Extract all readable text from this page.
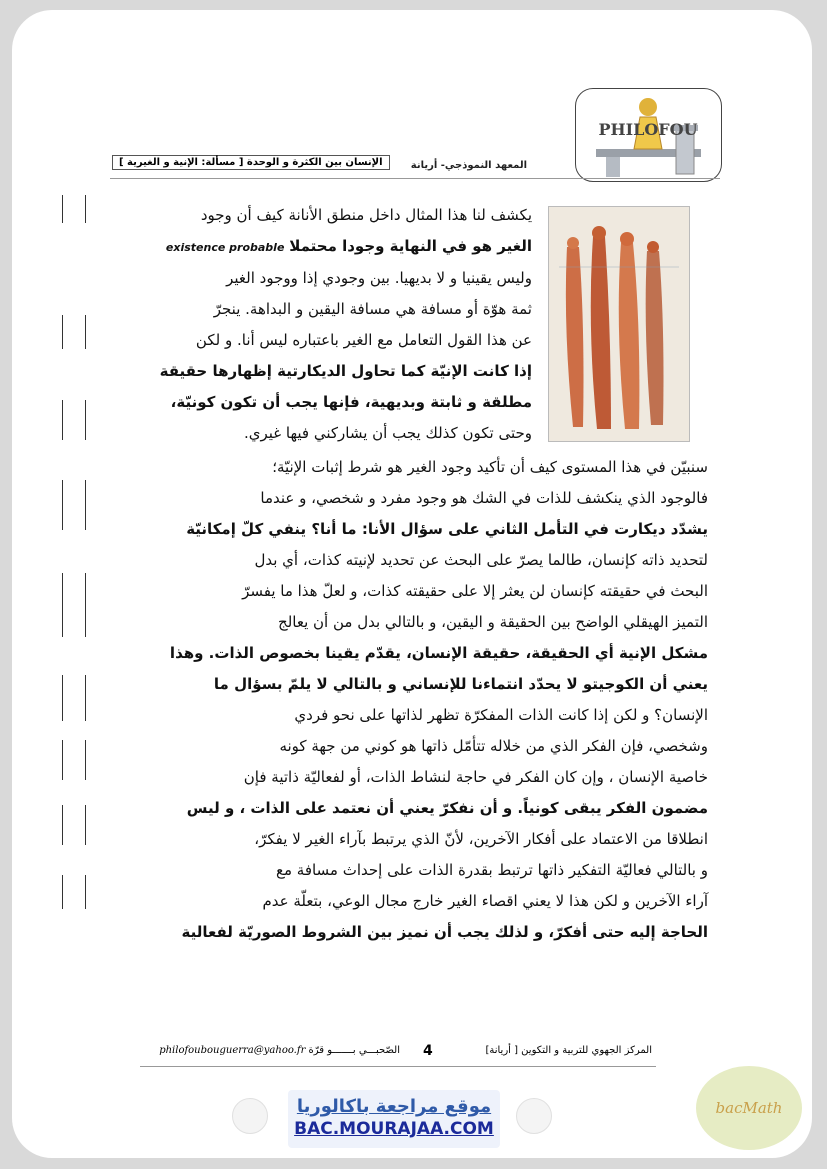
PHILOFOU
المعهد النموذجي- أريانة
الإنسان بين الكثرة و الوحدة [ مسألة: الإنية و الغيرية ]
يكشف لنا هذا المثال داخل منطق الأنانة كيف أن وجود
الغير هو في النهاية وجودا محتملا existence probable
وليس يقينيا و لا بديهيا. بين وجودي إذا ووجود الغير
ثمة هوّة أو مسافة هي مسافة اليقين و البداهة. ينجرّ
عن هذا القول التعامل مع الغير باعتباره ليس أنا. و لكن
إذا كانت الإنيّة كما تحاول الديكارتية إظهارها حقيقة
مطلقة و ثابتة وبديهية، فإنها يجب أن تكون كونيّة،
وحتى تكون كذلك يجب أن يشاركني فيها غيري.
سنبيّن في هذا المستوى كيف أن تأكيد وجود الغير هو شرط إثبات الإنيّة؛
فالوجود الذي ينكشف للذات في الشك هو وجود مفرد و شخصي، و عندما
يشدّد ديكارت في التأمل الثاني على سؤال الأنا: ما أنا؟ ينفي كلّ إمكانيّة
لتحديد ذاته كإنسان، طالما يصرّ على البحث عن تحديد لإنيته كذات، أي بدل
البحث في حقيقته كإنسان لن يعثر إلا على حقيقته كذات، و لعلّ هذا ما يفسرّ
التميز الهيقلي الواضح بين الحقيقة و اليقين، و بالتالي بدل من أن يعالج
مشكل الإنية أي الحقيقة، حقيقة الإنسان، يقدّم يقينا بخصوص الذات. وهذا
يعني أن الكوجيتو لا يحدّد انتماءنا للإنساني و بالتالي لا يلمّ بسؤال ما
الإنسان؟ و لكن إذا كانت الذات المفكرّة تظهر لذاتها على نحو فردي
وشخصي، فإن الفكر الذي من خلاله تتأمّل ذاتها هو كوني من جهة كونه
خاصية الإنسان ، وإن كان الفكر في حاجة لنشاط الذات، أو لفعاليّة ذاتية فإن
مضمون الفكر يبقى كونياً. و أن نفكرّ يعني أن نعتمد على الذات ، و ليس
انطلاقا من الاعتماد على أفكار الآخرين، لأنّ الذي يرتبط بآراء الغير لا يفكرّ،
و بالتالي فعاليّة التفكير ذاتها ترتبط بقدرة الذات على إحداث مسافة مع
آراء الآخرين و لكن هذا لا يعني اقصاء الغير خارج مجال الوعي، بتعلّة عدم
الحاجة إليه حتى أفكرّ، و لذلك يجب أن نميز بين الشروط الصوريّة لفعالية
المركز الجهوي للتربية و التكوين [ أريانة]
4
الصّحبـــي بـــــــو قرّة philofoubouguerra@yahoo.fr
موقع مراجعة باكالوريا
BAC.MOURAJAA.COM
bacMath
